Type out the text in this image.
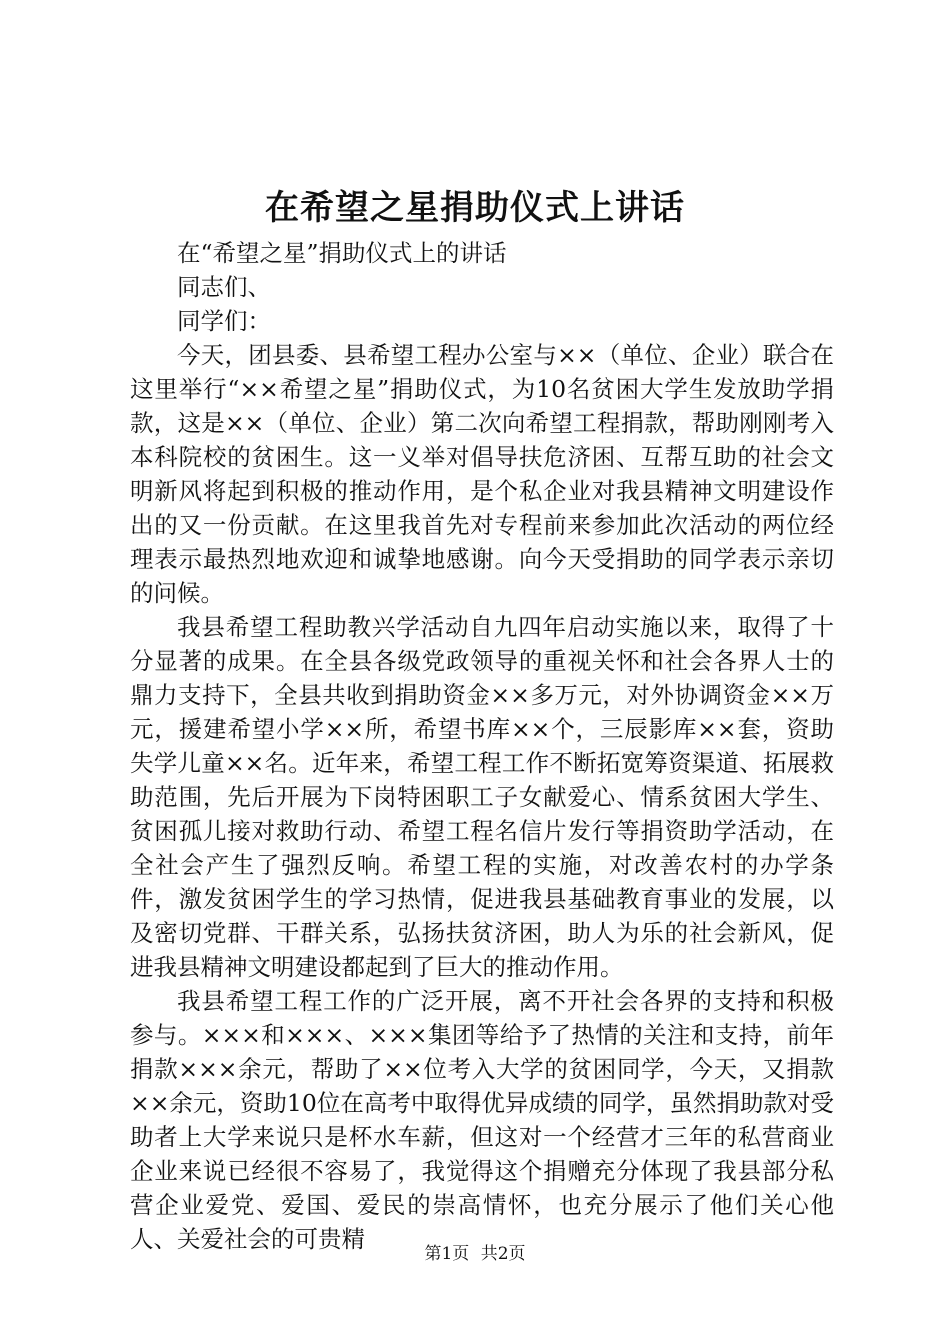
在希望之星捐助仪式上讲话

在“希望之星”捐助仪式上的讲话

同志们、

同学们：

今天，团县委、县希望工程办公室与××（单位、企业）联合在这里举行“××希望之星”捐助仪式，为10名贫困大学生发放助学捐款，这是××（单位、企业）第二次向希望工程捐款，帮助刚刚考入本科院校的贫困生。这一义举对倡导扶危济困、互帮互助的社会文明新风将起到积极的推动作用，是个私企业对我县精神文明建设作出的又一份贡献。在这里我首先对专程前来参加此次活动的两位经理表示最热烈地欢迎和诚挚地感谢。向今天受捐助的同学表示亲切的问候。

我县希望工程助教兴学活动自九四年启动实施以来，取得了十分显著的成果。在全县各级党政领导的重视关怀和社会各界人士的鼎力支持下，全县共收到捐助资金××多万元，对外协调资金××万元，援建希望小学××所，希望书库××个，三辰影库××套，资助失学儿童××名。近年来，希望工程工作不断拓宽筹资渠道、拓展救助范围，先后开展为下岗特困职工子女献爱心、情系贫困大学生、贫困孤儿接对救助行动、希望工程名信片发行等捐资助学活动，在全社会产生了强烈反响。希望工程的实施，对改善农村的办学条件，激发贫困学生的学习热情，促进我县基础教育事业的发展，以及密切党群、干群关系，弘扬扶贫济困，助人为乐的社会新风，促进我县精神文明建设都起到了巨大的推动作用。

我县希望工程工作的广泛开展，离不开社会各界的支持和积极参与。×××和×××、×××集团等给予了热情的关注和支持，前年捐款×××余元，帮助了××位考入大学的贫困同学，今天，又捐款××余元，资助10位在高考中取得优异成绩的同学，虽然捐助款对受助者上大学来说只是杯水车薪，但这对一个经营才三年的私营商业企业来说已经很不容易了，我觉得这个捐赠充分体现了我县部分私营企业爱党、爱国、爱民的崇高情怀，也充分展示了他们关心他人、关爱社会的可贵精

第1页 共2页
